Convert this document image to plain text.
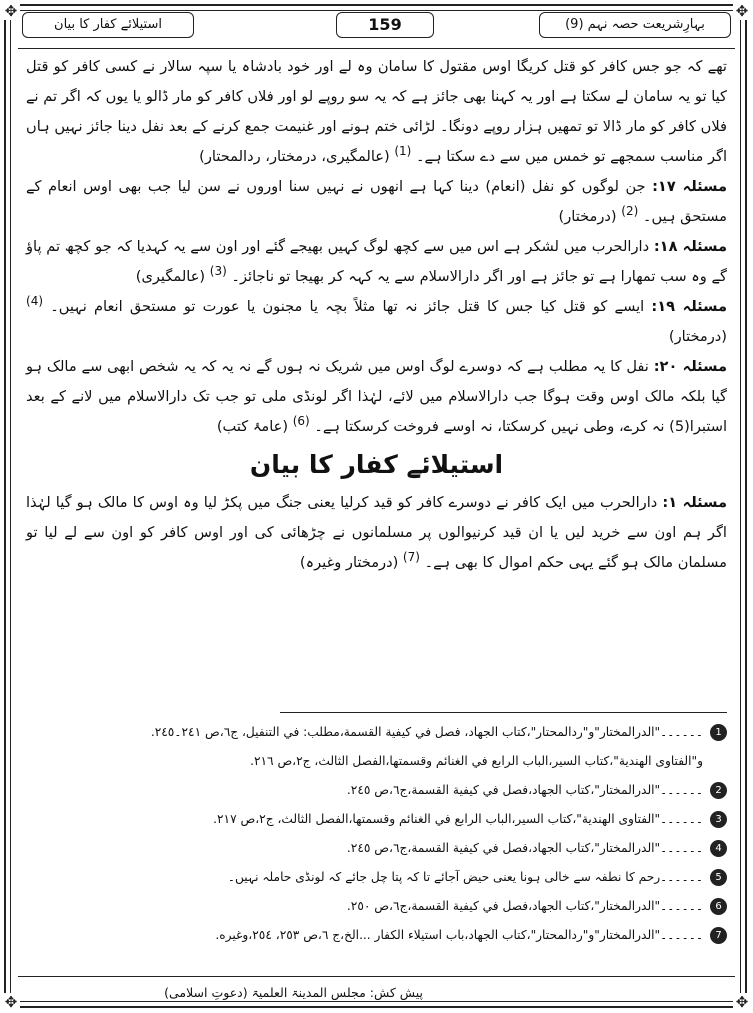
✥	✥
✥	✥
استیلائے کفار کا بیان	159	بہارِشریعت حصہ نہم (9)

تھے کہ جو جس کافر کو قتل کریگا اوس مقتول کا سامان وہ لے اور خود بادشاہ یا سپہ سالار نے کسی کافر کو قتل کیا تو یہ سامان لے سکتا ہے اور یہ کہنا بھی جائز ہے کہ یہ سو روپے لو اور فلاں کافر کو مار ڈالو یا یوں کہ اگر تم نے فلاں کافر کو مار ڈالا تو تمھیں ہزار روپے دونگا۔ لڑائی ختم ہونے اور غنیمت جمع کرنے کے بعد نفل دینا جائز نہیں ہاں اگر مناسب سمجھے تو خمس میں سے دے سکتا ہے۔ $^{(1)}$ (عالمگیری، درمختار، ردالمحتار)

مسئلہ ۱۷: جن لوگوں کو نفل (انعام) دینا کہا ہے انھوں نے نہیں سنا اوروں نے سن لیا جب بھی اوس انعام کے مستحق ہیں۔ $^{(2)}$ (درمختار)

مسئلہ ۱۸: دارالحرب میں لشکر ہے اس میں سے کچھ لوگ کہیں بھیجے گئے اور اون سے یہ کہدیا کہ جو کچھ تم پاؤ گے وہ سب تمھارا ہے تو جائز ہے اور اگر دارالاسلام سے یہ کہہ کر بھیجا تو ناجائز۔ $^{(3)}$ (عالمگیری)

مسئلہ ۱۹: ایسے کو قتل کیا جس کا قتل جائز نہ تھا مثلاً بچہ یا مجنون یا عورت تو مستحق انعام نہیں۔ $^{(4)}$ (درمختار)

مسئلہ ۲۰: نفل کا یہ مطلب ہے کہ دوسرے لوگ اوس میں شریک نہ ہوں گے نہ یہ کہ یہ شخص ابھی سے مالک ہو گیا بلکہ مالک اوس وقت ہوگا جب دارالاسلام میں لائے، لہٰذا اگر لونڈی ملی تو جب تک دارالاسلام میں لانے کے بعد استبرا(5) نہ کرے، وطی نہیں کرسکتا، نہ اوسے فروخت کرسکتا ہے۔ $^{(6)}$ (عامۂ کتب)

استیلائے کفار کا بیان

مسئلہ ۱: دارالحرب میں ایک کافر نے دوسرے کافر کو قید کرلیا یعنی جنگ میں پکڑ لیا وہ اوس کا مالک ہو گیا لہٰذا اگر ہم اون سے خرید لیں یا ان قید کرنیوالوں پر مسلمانوں نے چڑھائی کی اور اوس کافر کو اون سے لے لیا تو مسلمان مالک ہو گئے یہی حکم اموال کا بھی ہے۔ $^{(7)}$ (درمختار وغیرہ)

1
۔۔۔۔۔۔"الدرالمختار"و"ردالمحتار"،كتاب الجهاد، فصل في كيفية القسمة،مطلب: في التنفيل، ج٦،ص ٢٤١۔٢٤٥.
و"الفتاوى الهندية"،كتاب السير،الباب الرابع في الغنائم وقسمتها،الفصل الثالث، ج٢،ص ٢١٦.
2
۔۔۔۔۔۔"الدرالمختار"،كتاب الجهاد،فصل في كيفية القسمة،ج٦،ص ٢٤٥.
3
۔۔۔۔۔۔"الفتاوى الهندية"،كتاب السير،الباب الرابع في الغنائم وقسمتها،الفصل الثالث، ج٢،ص ٢١٧.
4
۔۔۔۔۔۔"الدرالمختار"،كتاب الجهاد،فصل في كيفية القسمة،ج٦،ص ٢٤٥.
5
۔۔۔۔۔۔رحم کا نطفہ سے خالی ہونا یعنی حیض آجائے تا کہ پتا چل جائے کہ لونڈی حاملہ نہیں۔
6
۔۔۔۔۔۔"الدرالمختار"،كتاب الجهاد،فصل في كيفية القسمة،ج٦،ص ٢٥٠.
7
۔۔۔۔۔۔"الدرالمختار"و"ردالمحتار"،كتاب الجهاد،باب استيلاء الكفار ...الخ،ج ٦،ص ٢٥٣، ٢٥٤،وغيره.
پیش کش: مجلس المدینۃ العلمیۃ (دعوتِ اسلامی)
